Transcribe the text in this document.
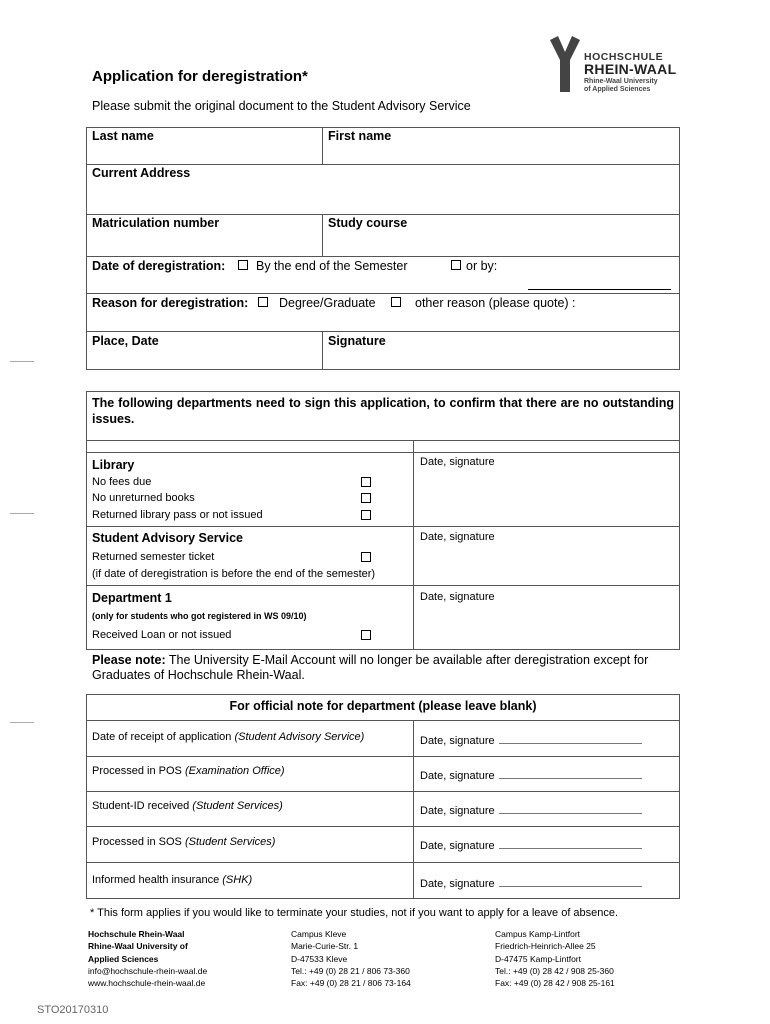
HOCHSCHULE
RHEIN-WAAL
Rhine-Waal University
of Applied Sciences
Application for deregistration*
Please submit the original document to the Student Advisory Service
Last name	First name
Current Address
Matriculation number	Study course
Date of deregistration: By the end of the Semester	or by:
Reason for deregistration: Degree/Graduate	other reason (please quote) :
Place, Date	Signature
The following departments need to sign this application, to confirm that there are no outstanding issues.
Library
No fees due
No unreturned books
Returned library pass or not issued
Date, signature
Student Advisory Service
Returned semester ticket
(if date of deregistration is before the end of the semester)
Date, signature
Department 1
(only for students who got registered in WS 09/10)
Received Loan or not issued
Date, signature
Please note: The University E-Mail Account will no longer be available after deregistration except for Graduates of Hochschule Rhein-Waal.
For official note for department (please leave blank)
Date of receipt of application (Student Advisory Service)	Date, signature
Processed in POS (Examination Office)	Date, signature
Student-ID received (Student Services)	Date, signature
Processed in SOS (Student Services)	Date, signature
Informed health insurance (SHK)	Date, signature
* This form applies if you would like to terminate your studies, not if you want to apply for a leave of absence.
Hochschule Rhein-Waal
Rhine-Waal University of
Applied Sciences
info@hochschule-rhein-waal.de
www.hochschule-rhein-waal.de
Campus Kleve
Marie-Curie-Str. 1
D-47533 Kleve
Tel.: +49 (0) 28 21 / 806 73-360
Fax: +49 (0) 28 21 / 806 73-164
Campus Kamp-Lintfort
Friedrich-Heinrich-Allee 25
D-47475 Kamp-Lintfort
Tel.: +49 (0) 28 42 / 908 25-360
Fax: +49 (0) 28 42 / 908 25-161
STO20170310
